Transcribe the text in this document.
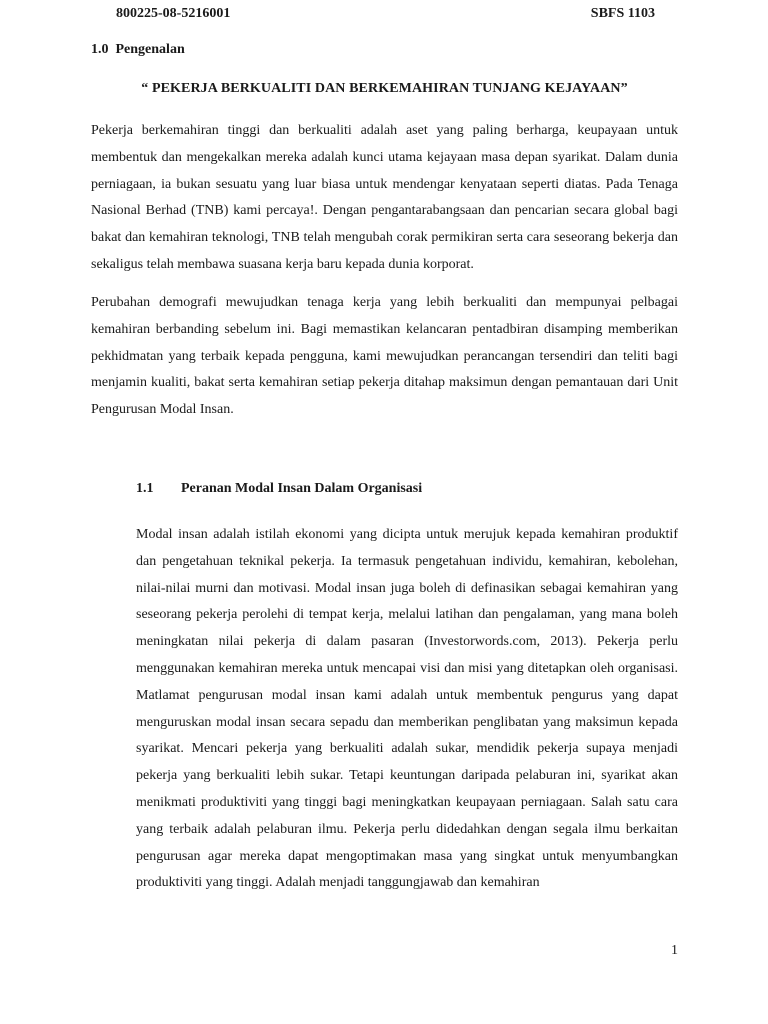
800225-08-5216001	SBFS 1103
1.0 Pengenalan
“ PEKERJA BERKUALITI DAN BERKEMAHIRAN TUNJANG KEJAYAAN”

Pekerja berkemahiran tinggi dan berkualiti adalah aset yang paling berharga, keupayaan untuk membentuk dan mengekalkan mereka adalah kunci utama kejayaan masa depan syarikat. Dalam dunia perniagaan, ia bukan sesuatu yang luar biasa untuk mendengar kenyataan seperti diatas. Pada Tenaga Nasional Berhad (TNB) kami percaya!. Dengan pengantarabangsaan dan pencarian secara global bagi bakat dan kemahiran teknologi, TNB telah mengubah corak permikiran serta cara seseorang bekerja dan sekaligus telah membawa suasana kerja baru kepada dunia korporat.

Perubahan demografi mewujudkan tenaga kerja yang lebih berkualiti dan mempunyai pelbagai kemahiran berbanding sebelum ini. Bagi memastikan kelancaran pentadbiran disamping memberikan pekhidmatan yang terbaik kepada pengguna, kami mewujudkan perancangan tersendiri dan teliti bagi menjamin kualiti, bakat serta kemahiran setiap pekerja ditahap maksimun dengan pemantauan dari Unit Pengurusan Modal Insan.

1.1 Peranan Modal Insan Dalam Organisasi

Modal insan adalah istilah ekonomi yang dicipta untuk merujuk kepada kemahiran produktif dan pengetahuan teknikal pekerja. Ia termasuk pengetahuan individu, kemahiran, kebolehan, nilai-nilai murni dan motivasi. Modal insan juga boleh di definasikan sebagai kemahiran yang seseorang pekerja perolehi di tempat kerja, melalui latihan dan pengalaman, yang mana boleh meningkatan nilai pekerja di dalam pasaran (Investorwords.com, 2013). Pekerja perlu menggunakan kemahiran mereka untuk mencapai visi dan misi yang ditetapkan oleh organisasi. Matlamat pengurusan modal insan kami adalah untuk membentuk pengurus yang dapat menguruskan modal insan secara sepadu dan memberikan penglibatan yang maksimun kepada syarikat. Mencari pekerja yang berkualiti adalah sukar, mendidik pekerja supaya menjadi pekerja yang berkualiti lebih sukar. Tetapi keuntungan daripada pelaburan ini, syarikat akan menikmati produktiviti yang tinggi bagi meningkatkan keupayaan perniagaan. Salah satu cara yang terbaik adalah pelaburan ilmu. Pekerja perlu didedahkan dengan segala ilmu berkaitan pengurusan agar mereka dapat mengoptimakan masa yang singkat untuk menyumbangkan produktiviti yang tinggi. Adalah menjadi tanggungjawab dan kemahiran

1
